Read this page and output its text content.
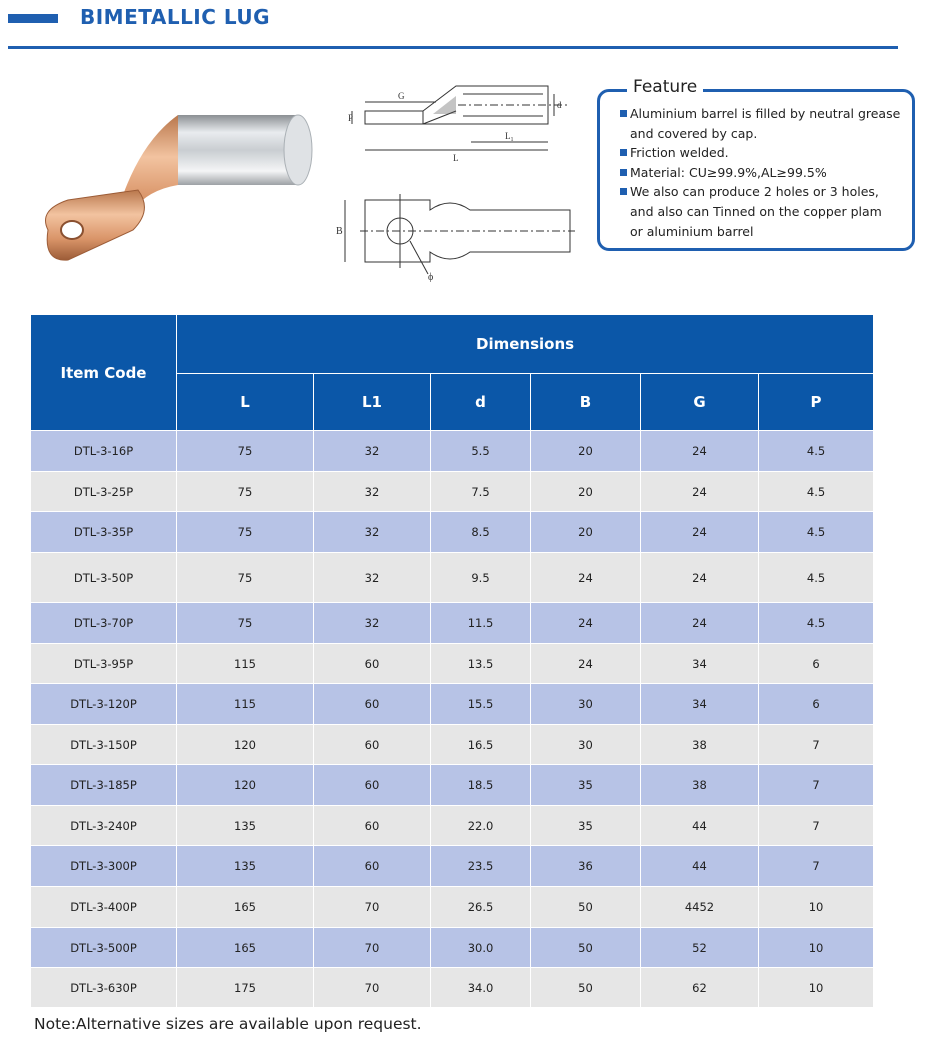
BIMETALLIC LUG
G
P
d
L
$L_1$
B
ϕ
Feature
Aluminium barrel is filled by neutral grease
and covered by cap.
Friction welded.
Material: CU≥99.9%,AL≥99.5%
We also can produce 2 holes or 3 holes,
and also can Tinned on the copper plam
or aluminium barrel
Item Code	Dimensions					
	L	L1	d	B	G	P
DTL-3-16P	75	32	5.5	20	24	4.5
DTL-3-25P	75	32	7.5	20	24	4.5
DTL-3-35P	75	32	8.5	20	24	4.5
DTL-3-50P	75	32	9.5	24	24	4.5
DTL-3-70P	75	32	11.5	24	24	4.5
DTL-3-95P	115	60	13.5	24	34	6
DTL-3-120P	115	60	15.5	30	34	6
DTL-3-150P	120	60	16.5	30	38	7
DTL-3-185P	120	60	18.5	35	38	7
DTL-3-240P	135	60	22.0	35	44	7
DTL-3-300P	135	60	23.5	36	44	7
DTL-3-400P	165	70	26.5	50	4452	10
DTL-3-500P	165	70	30.0	50	52	10
DTL-3-630P	175	70	34.0	50	62	10
Note:Alternative sizes are available upon request.
